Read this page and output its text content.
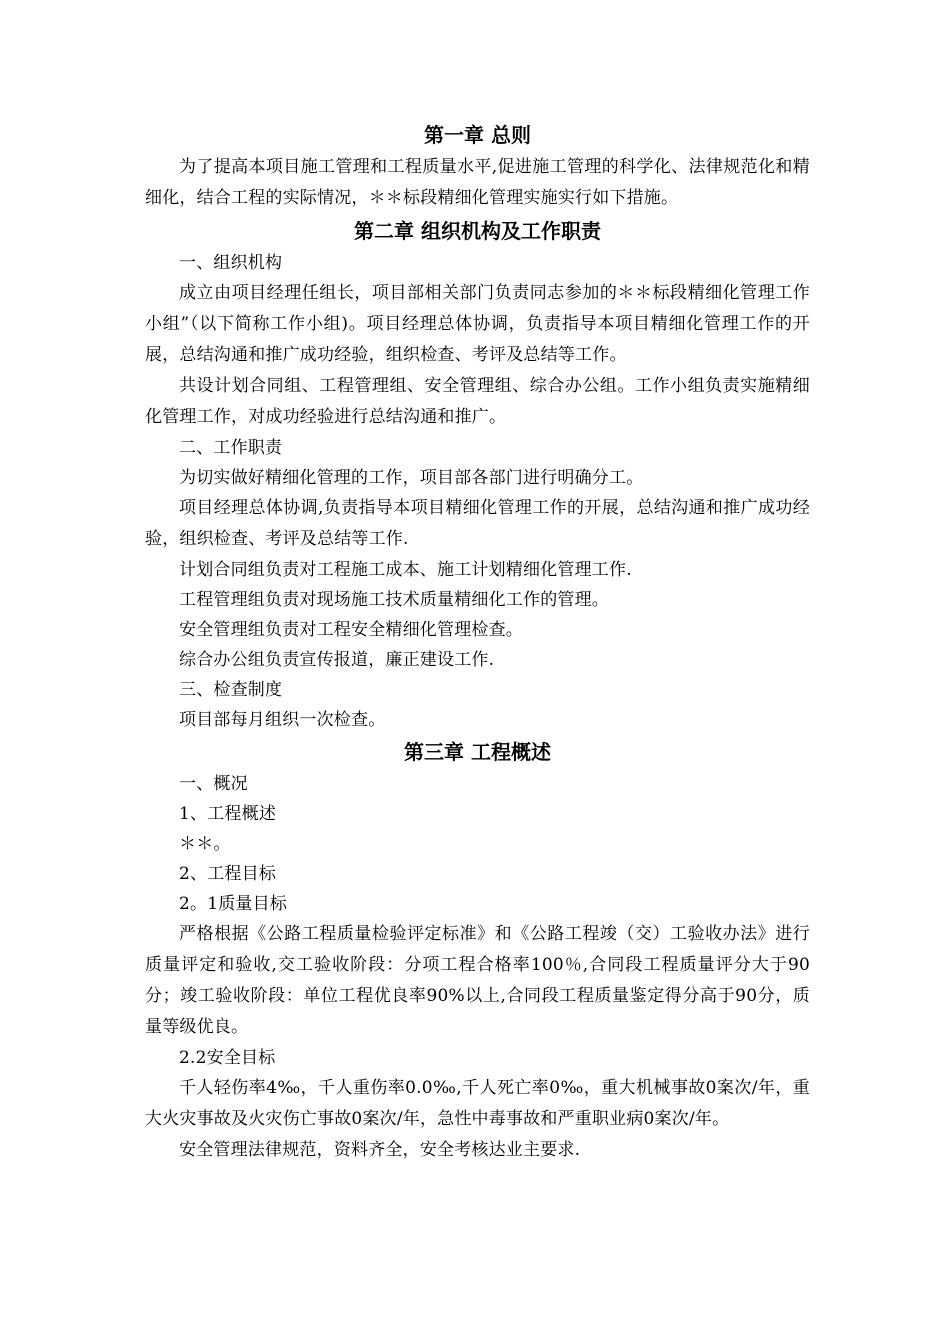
第一章 总则

为了提高本项目施工管理和工程质量水平,促进施工管理的科学化、法律规范化和精细化，结合工程的实际情况，＊＊标段精细化管理实施实行如下措施。

第二章 组织机构及工作职责

一、组织机构

成立由项目经理任组长，项目部相关部门负责同志参加的＊＊标段精细化管理工作小组”（以下简称工作小组)。项目经理总体协调，负责指导本项目精细化管理工作的开展，总结沟通和推广成功经验，组织检查、考评及总结等工作。

共设计划合同组、工程管理组、安全管理组、综合办公组。工作小组负责实施精细化管理工作，对成功经验进行总结沟通和推广。

二、工作职责

为切实做好精细化管理的工作，项目部各部门进行明确分工。

项目经理总体协调,负责指导本项目精细化管理工作的开展，总结沟通和推广成功经验，组织检查、考评及总结等工作.

计划合同组负责对工程施工成本、施工计划精细化管理工作.

工程管理组负责对现场施工技术质量精细化工作的管理。

安全管理组负责对工程安全精细化管理检查。

综合办公组负责宣传报道，廉正建设工作.

三、检查制度

项目部每月组织一次检查。

第三章 工程概述

一、概况

1、工程概述

＊＊。

2、工程目标

2。1质量目标

严格根据《公路工程质量检验评定标准》和《公路工程竣（交）工验收办法》进行质量评定和验收,交工验收阶段：分项工程合格率100％,合同段工程质量评分大于90分；竣工验收阶段：单位工程优良率90%以上,合同段工程质量鉴定得分高于90分，质量等级优良。

2.2安全目标

千人轻伤率4‰，千人重伤率0.0‰,千人死亡率0‰，重大机械事故0案次/年，重大火灾事故及火灾伤亡事故0案次/年，急性中毒事故和严重职业病0案次/年。

安全管理法律规范，资料齐全，安全考核达业主要求.
